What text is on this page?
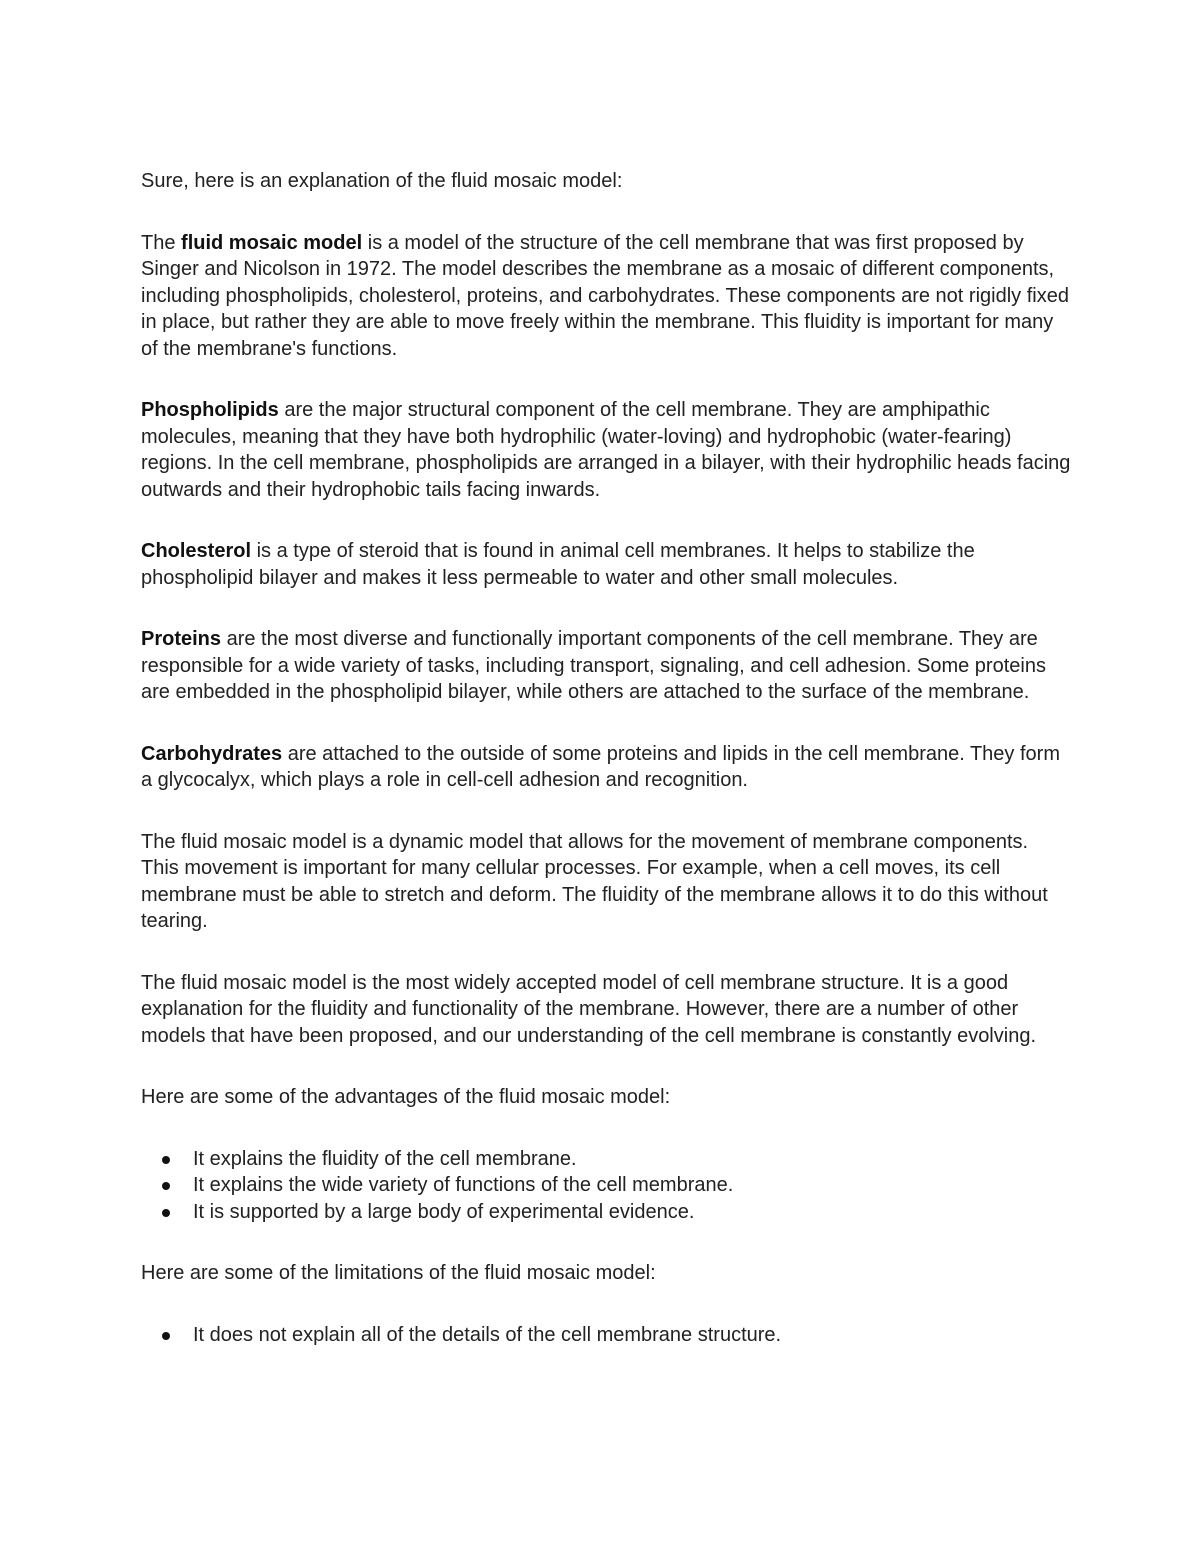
Sure, here is an explanation of the fluid mosaic model:

The fluid mosaic model is a model of the structure of the cell membrane that was first proposed by Singer and Nicolson in 1972. The model describes the membrane as a mosaic of different components, including phospholipids, cholesterol, proteins, and carbohydrates. These components are not rigidly fixed in place, but rather they are able to move freely within the membrane. This fluidity is important for many of the membrane's functions.

Phospholipids are the major structural component of the cell membrane. They are amphipathic molecules, meaning that they have both hydrophilic (water-loving) and hydrophobic (water-fearing) regions. In the cell membrane, phospholipids are arranged in a bilayer, with their hydrophilic heads facing outwards and their hydrophobic tails facing inwards.

Cholesterol is a type of steroid that is found in animal cell membranes. It helps to stabilize the phospholipid bilayer and makes it less permeable to water and other small molecules.

Proteins are the most diverse and functionally important components of the cell membrane. They are responsible for a wide variety of tasks, including transport, signaling, and cell adhesion. Some proteins are embedded in the phospholipid bilayer, while others are attached to the surface of the membrane.

Carbohydrates are attached to the outside of some proteins and lipids in the cell membrane. They form a glycocalyx, which plays a role in cell-cell adhesion and recognition.

The fluid mosaic model is a dynamic model that allows for the movement of membrane components. This movement is important for many cellular processes. For example, when a cell moves, its cell membrane must be able to stretch and deform. The fluidity of the membrane allows it to do this without tearing.

The fluid mosaic model is the most widely accepted model of cell membrane structure. It is a good explanation for the fluidity and functionality of the membrane. However, there are a number of other models that have been proposed, and our understanding of the cell membrane is constantly evolving.

Here are some of the advantages of the fluid mosaic model:

It explains the fluidity of the cell membrane.
It explains the wide variety of functions of the cell membrane.
It is supported by a large body of experimental evidence.

Here are some of the limitations of the fluid mosaic model:

It does not explain all of the details of the cell membrane structure.
